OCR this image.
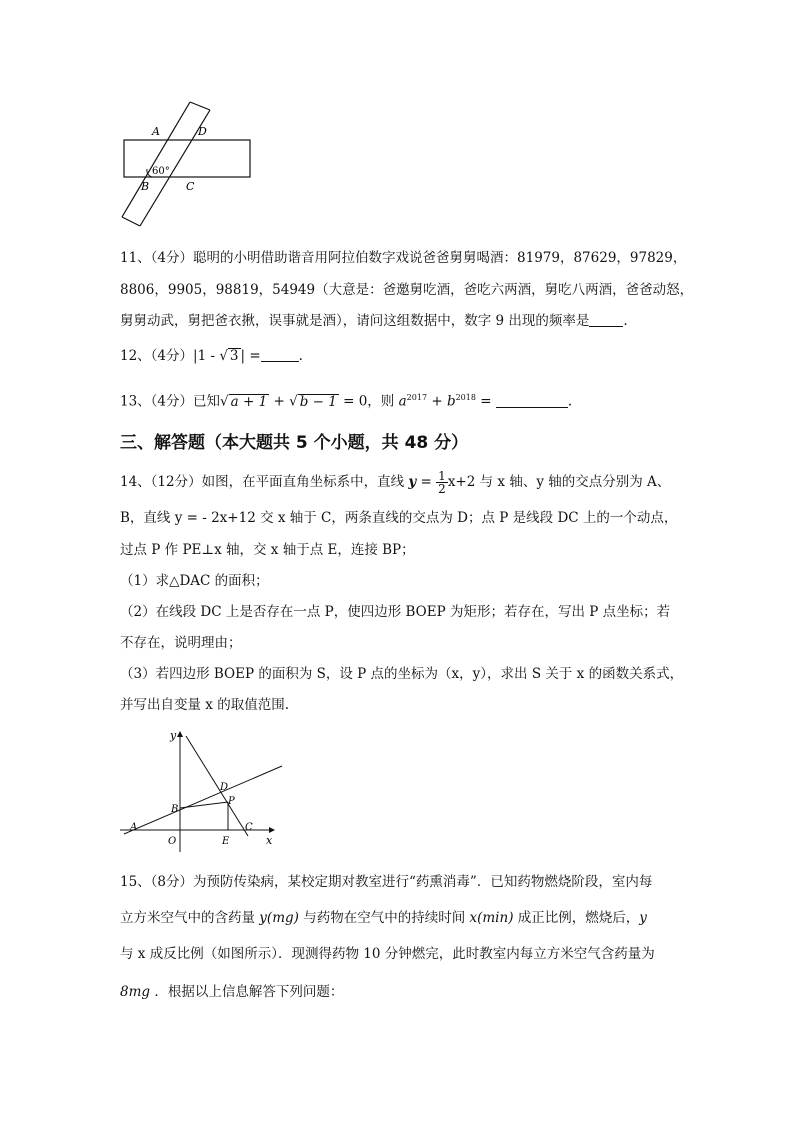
A	D
60°
B	C
11、（4分）聪明的小明借助谐音用阿拉伯数字戏说爸爸舅舅喝酒：81979，87629，97829，
8806，9905，98819，54949（大意是：爸邀舅吃酒，爸吃六两酒，舅吃八两酒，爸爸动怒，
舅舅动武，舅把爸衣揪，误事就是酒），请问这组数据中，数字 9 出现的频率是	.
12、（4分）|1 - √ 3 | =	.
13、（4分）已知√ a + 1 + √ b − 1 = 0，则 $a^{2017} + b^{2018}$ =	.
三、解答题（本大题共 5 个小题，共 48 分）
14、（12分）如图，在平面直角坐标系中，直线 $y = \frac{1}{2} x+2$ 与 x 轴、y 轴的交点分别为 A、
B，直线 y = - 2x+12 交 x 轴于 C，两条直线的交点为 D；点 P 是线段 DC 上的一个动点，
过点 P 作 PE⊥x 轴，交 x 轴于点 E，连接 BP；
（1）求△DAC 的面积；
（2）在线段 DC 上是否存在一点 P，使四边形 BOEP 为矩形；若存在，写出 P 点坐标；若
不存在，说明理由；
（3）若四边形 BOEP 的面积为 S，设 P 点的坐标为（x，y），求出 S 关于 x 的函数关系式，
并写出自变量 x 的取值范围.
y
x
O
A
B
D
P
E
C
15、（8分）为预防传染病，某校定期对教室进行“药熏消毒”．已知药物燃烧阶段，室内每
立方米空气中的含药量 y(mg) 与药物在空气中的持续时间 x(min) 成正比例，燃烧后，y
与 x 成反比例（如图所示）．现测得药物 10 分钟燃完，此时教室内每立方米空气含药量为
8mg ．根据以上信息解答下列问题：
